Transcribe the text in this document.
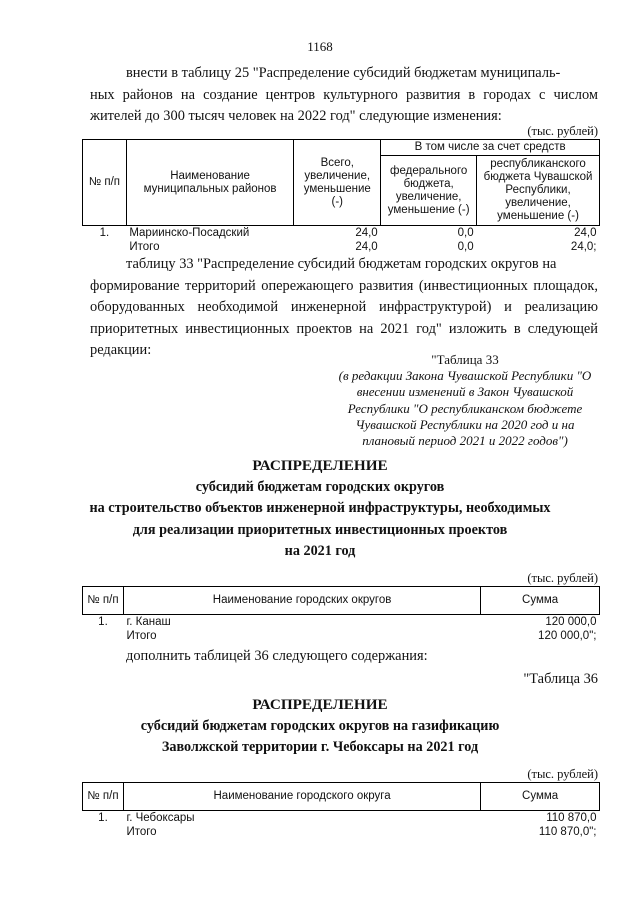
1168
внести в таблицу 25 "Распределение субсидий бюджетам муниципаль-
ных районов на создание центров культурного развития в городах с числом жителей до 300 тысяч человек на 2022 год" следующие изменения:
(тыс. рублей)
№ п/п	Наименование муниципальных районов	Всего, увеличение, уменьшение (-)	В том числе за счет средств	
			федерального бюджета, увеличение, уменьшение (-)	республиканского бюджета Чувашской Республики, увеличение, уменьшение (-)
1.	Мариинско-Посадский	24,0	0,0	24,0
	Итого	24,0	0,0	24,0;
таблицу 33 "Распределение субсидий бюджетам городских округов на
формирование территорий опережающего развития (инвестиционных площадок, оборудованных необходимой инженерной инфраструктурой) и реализацию приоритетных инвестиционных проектов на 2021 год" изложить в следующей редакции:
"Таблица 33
(в редакции Закона Чувашской Республики "О внесении изменений в Закон Чувашской Республики "О республиканском бюджете Чувашской Республики на 2020 год и на плановый период 2021 и 2022 годов")
РАСПРЕДЕЛЕНИЕ
субсидий бюджетам городских округов
на строительство объектов инженерной инфраструктуры, необходимых
для реализации приоритетных инвестиционных проектов
на 2021 год
(тыс. рублей)
№ п/п	Наименование городских округов	Сумма
1.	г. Канаш	120 000,0
	Итого	120 000,0";
дополнить таблицей 36 следующего содержания:
"Таблица 36
РАСПРЕДЕЛЕНИЕ
субсидий бюджетам городских округов на газификацию
Заволжской территории г. Чебоксары на 2021 год
(тыс. рублей)
№ п/п	Наименование городского округа	Сумма
1.	г. Чебоксары	110 870,0
	Итого	110 870,0";
